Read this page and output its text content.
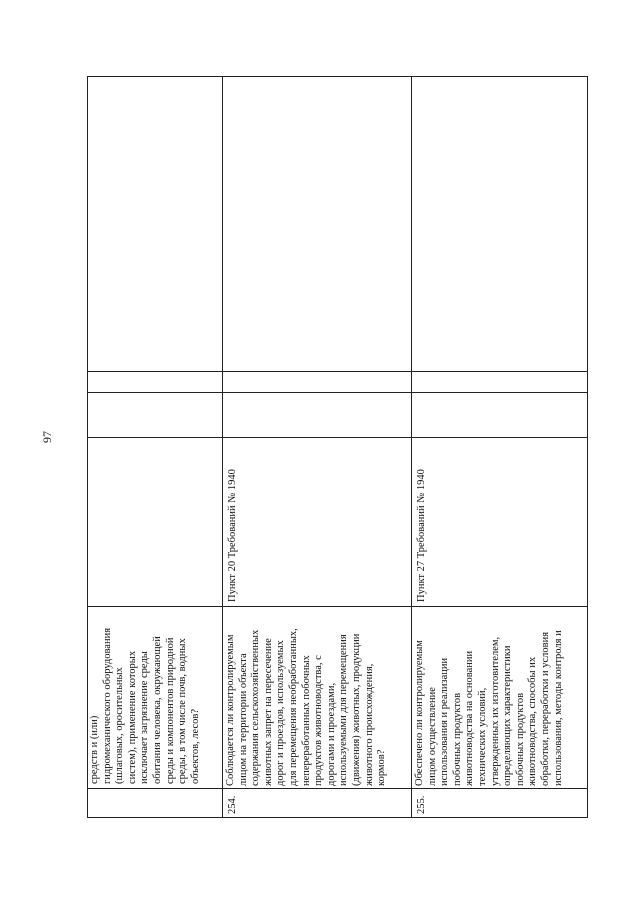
97
средств и (или) гидромеханического оборудования (шлаговых, оросительных систем), применение которых исключает загрязнение среды обитания человека, окружающей среды и компонентов природной среды, в том числе почв, водных объектов, лесов?
254.
Соблюдается ли контролируемым лицом на территории объекта содержания сельскохозяйственных животных запрет на пересечение дорог и проездов, используемых для перемещения необработанных, непереработанных побочных продуктов животноводства, с дорогами и проездами, используемыми для перемещения (движения) животных, продукции животного происхождения, кормов?
Пункт 20 Требований № 1940
255.
Обеспечено ли контролируемым лицом осуществление использования и реализации побочных продуктов животноводства на основании технических условий, утвержденных их изготовителем, определяющих характеристики побочных продуктов животноводства, способы их обработки, переработки и условия использования, методы контроля и
Пункт 27 Требований № 1940
